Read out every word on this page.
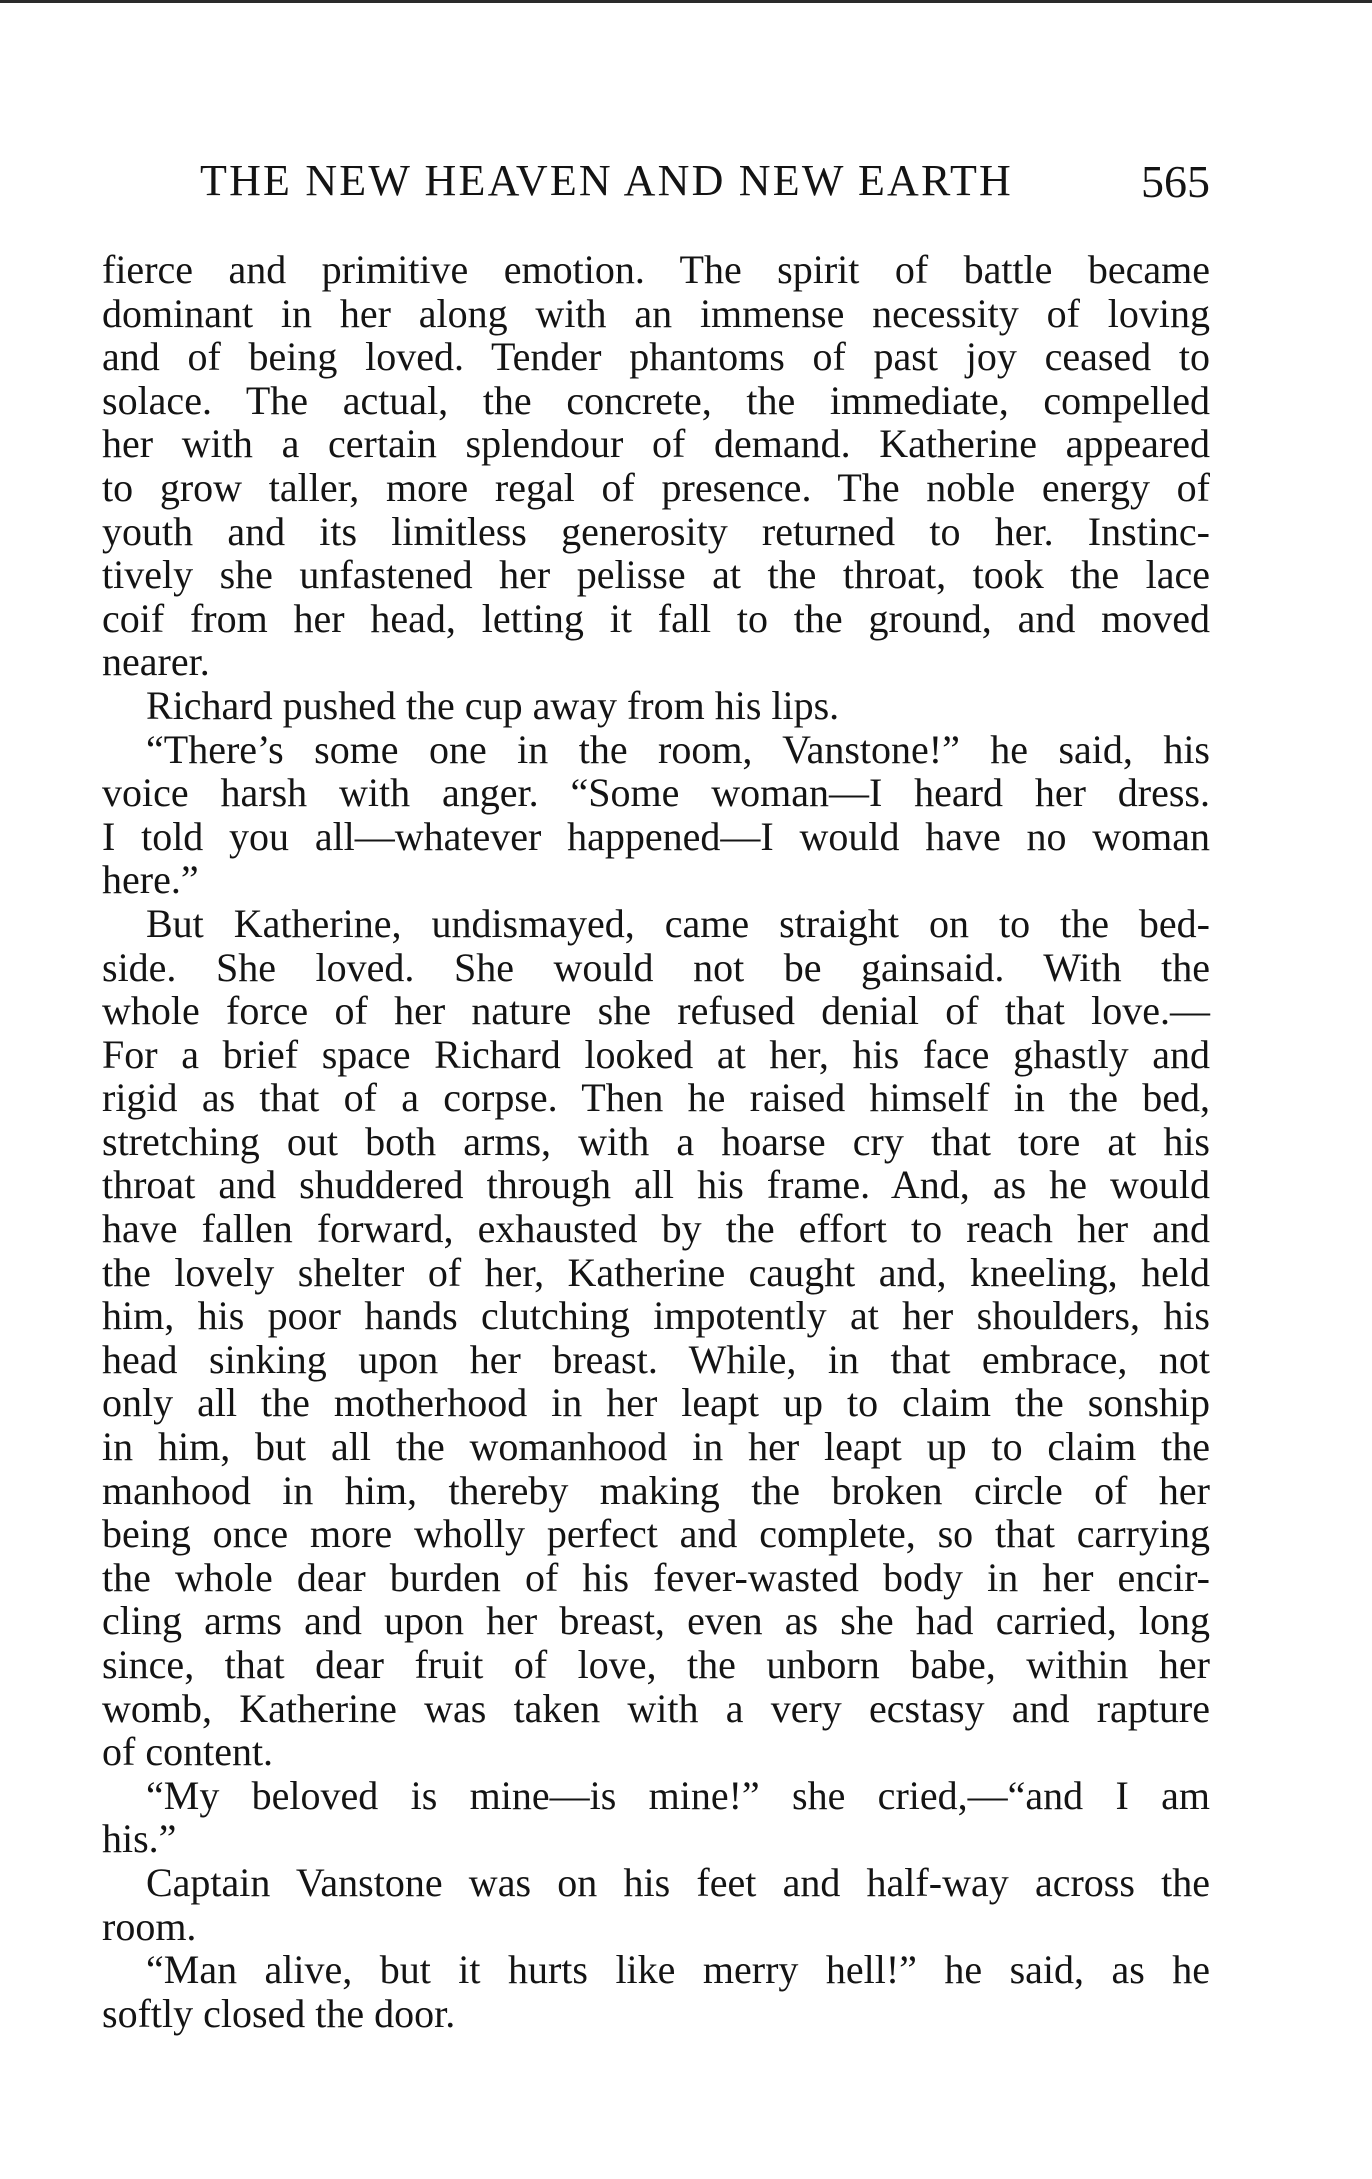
THE NEW HEAVEN AND NEW EARTH	565
fierce and primitive emotion. The spirit of battle became
dominant in her along with an immense necessity of loving
and of being loved. Tender phantoms of past joy ceased to
solace. The actual, the concrete, the immediate, compelled
her with a certain splendour of demand. Katherine appeared
to grow taller, more regal of presence. The noble energy of
youth and its limitless generosity returned to her. Instinc-
tively she unfastened her pelisse at the throat, took the lace
coif from her head, letting it fall to the ground, and moved
nearer.
Richard pushed the cup away from his lips.
“There’s some one in the room, Vanstone!” he said, his
voice harsh with anger. “Some woman—I heard her dress.
I told you all—whatever happened—I would have no woman
here.”
But Katherine, undismayed, came straight on to the bed-
side. She loved. She would not be gainsaid. With the
whole force of her nature she refused denial of that love.—
For a brief space Richard looked at her, his face ghastly and
rigid as that of a corpse. Then he raised himself in the bed,
stretching out both arms, with a hoarse cry that tore at his
throat and shuddered through all his frame. And, as he would
have fallen forward, exhausted by the effort to reach her and
the lovely shelter of her, Katherine caught and, kneeling, held
him, his poor hands clutching impotently at her shoulders, his
head sinking upon her breast. While, in that embrace, not
only all the motherhood in her leapt up to claim the sonship
in him, but all the womanhood in her leapt up to claim the
manhood in him, thereby making the broken circle of her
being once more wholly perfect and complete, so that carrying
the whole dear burden of his fever-wasted body in her encir-
cling arms and upon her breast, even as she had carried, long
since, that dear fruit of love, the unborn babe, within her
womb, Katherine was taken with a very ecstasy and rapture
of content.
“My beloved is mine—is mine!” she cried,—“and I am
his.”
Captain Vanstone was on his feet and half-way across the
room.
“Man alive, but it hurts like merry hell!” he said, as he
softly closed the door.
